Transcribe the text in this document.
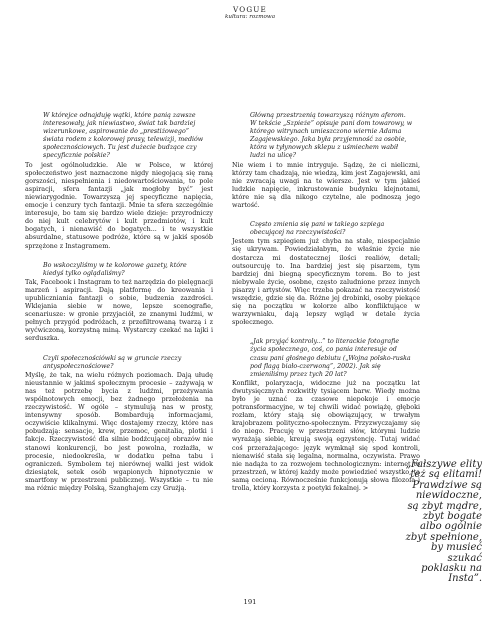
VOGUE
kultura: rozmowa

W którejce odnajduję wątki, które panią zawsze interesowały, jak niewiastwo, świat tak bardziej wizerunkowe, aspirowanie do „prestiżowego” świata rodem z kolorowej prasy, telewizji, mediów społecznościowych. Tu jest dużecie budzące czy specyficznie polskie?

To jest ogólnoludzkie. Ale w Polsce, w której społeczeństwo jest naznaczone nigdy niegojącą się raną gorszości, niespełnienia i niedowartościowania, to pole aspiracji, sfera fantazji „jak mogłoby być” jest niewiarygodnie. Towarzyszą jej specyficzne napięcia, emocje i cenzury tych fantazji. Mnie ta sfera szczególnie interesuje, bo tam się bardzo wiele dzieje: przyrodniczy do niej kult celebrytów i kult przedmiotów, i kult bogatych, i nienawiść do bogatych... i te wszystkie absurdalne, statusowe podróże, które są w jakiś sposób sprzężone z Instagramem.

Bo wskoczyliśmy w te kolorowe gazety, które kiedyś tylko oglądaliśmy?

Tak, Facebook i Instagram to też narzędzia do pielęgnacji marzeń i aspiracji. Dają platformę do kreowania i upubliczniania fantazji o sobie, budzenia zazdrości. Wklejania siebie w nowe, lepsze scenografie, scenariusze: w gronie przyjaciół, ze znanymi ludźmi, w pełnych przygód podróżach, z przefiltrowaną twarzą i z wyćwiczoną, korzystną miną. Wystarczy czekać na lajki i serduszka.

Czyli społecznościówki są w gruncie rzeczy antyspołecznościowe?

Myślę, że tak, na wielu różnych poziomach. Dają ułudę nieustannie w jakimś społecznym procesie – zażywają w nas też potrzebę bycia z ludźmi, przeżywania wspólnotowych emocji, bez żadnego przełożenia na rzeczywistość. W ogóle – stymulują nas w prosty, intensywny sposób. Bombardują informacjami, oczywiście klikalnymi. Więc dostajemy rzeczy, które nas pobudzają: sensacje, krew, przemoc, genitalia, plotki i fakcje. Rzeczywistość dla silnie bodźcującej obrazów nie stanowi konkurencji, bo jest powolna, rozłaźła, w procesie, niedookreśla, w dodatku pełna tabu i ograniczeń. Symbolem tej nierównej walki jest widok dziesiątek, setek osób wgapionych hipnotycznie w smartfony w przestrzeni publicznej. Wszystkie – tu nie ma różnic między Polską, Szanghajem czy Grużją.

Główną przestrzenią towarzyszą różnym aferom. W tekście „Szpieże” opisuje pani dom towarowy, w którego witrynach umieszczono wiernie Adama Zagajewskiego. Jaka była przyjemność za osobie, która w tyłynowych sklepu z uśmiechem wabił ludzi na ulicę?

Nie wiem i to mnie intryguje. Sądzę, że ci nieliczni, którzy tam chadzają, nie wiedzą, kim jest Zagajewski, ani nie zwracają uwagi na te wiersze. Jest w tym jakieś ludzkie napięcie, inkrustowanie budynku klejnotami, które nie są dla nikogo czytelne, ale podnoszą jego wartość.

Często zmienia się pani w takiego szpiega obecującej na rzeczywistości?

Jestem tym szpiegiem już chyba na stałe, niespecjalnie się ukrywam. Powiedziałabym, że właśnie życie nie dostarcza mi dostatecznej ilości realiów, detali; outsourcuję to. Ina bardziej jest się pisarzem, tym bardziej dni biegną specyficznym torem. Bo to jest niebywale życie, osobne, często zaludnione przez innych pisarzy i artystów. Więc trzeba pokazać na rzeczywistość wszędzie, gdzie się da. Różne jej drobinki, osoby piekące się na początku w kolorze albo konfliktujące w warzywniaku, dają lepszy wgląd w detale życia społecznego.

„Jak przyjąć kontroly...” to literackie fotografie życia społecznego, coś, co pania interesuje od czasu pani głośnego debiutu („Wojna polsko-ruska pod flagą biało-czerwoną”, 2002). Jak się zmieniliśmy przez tych 20 lat?

Konflikt, polaryzacja, widoczne już na początku lat dwutysięcznych rozkwitły tysiącem barw. Wiedy można było je uznać za czasowe niepokoje i emocje potransformacyjne, w tej chwili widać powiążę, głęboki rozłam, który stają się obowiązujący, w trwałym krajobrazem polityczno-społecznym. Przyzwyczajamy się do niego. Pracuję w przestrzeni słów, którymi ludzie wyrażają siebie, kreują swoją egzystencję. Tutaj widać coś przerażającego: język wymknął się spod kontroli, nienawiść stała się legalna, normalna, oczywista. Prawo nie nadąża to za rozwojem technologicznym: internet to przestrzeń, w której każdy może powiedzieć wszystko, tą samą cecioną. Równocześnie funkcjonują słowa filozofa i trolla, który korzysta z poetyki fekalnej. >

„Fałszywe elity też są elitami! Prawdziwe są niewidoczne, są zbyt mądre, zbyt bogate albo ogólnie zbyt spełnione, by musieć szukać poklasku na Insta”.
191
